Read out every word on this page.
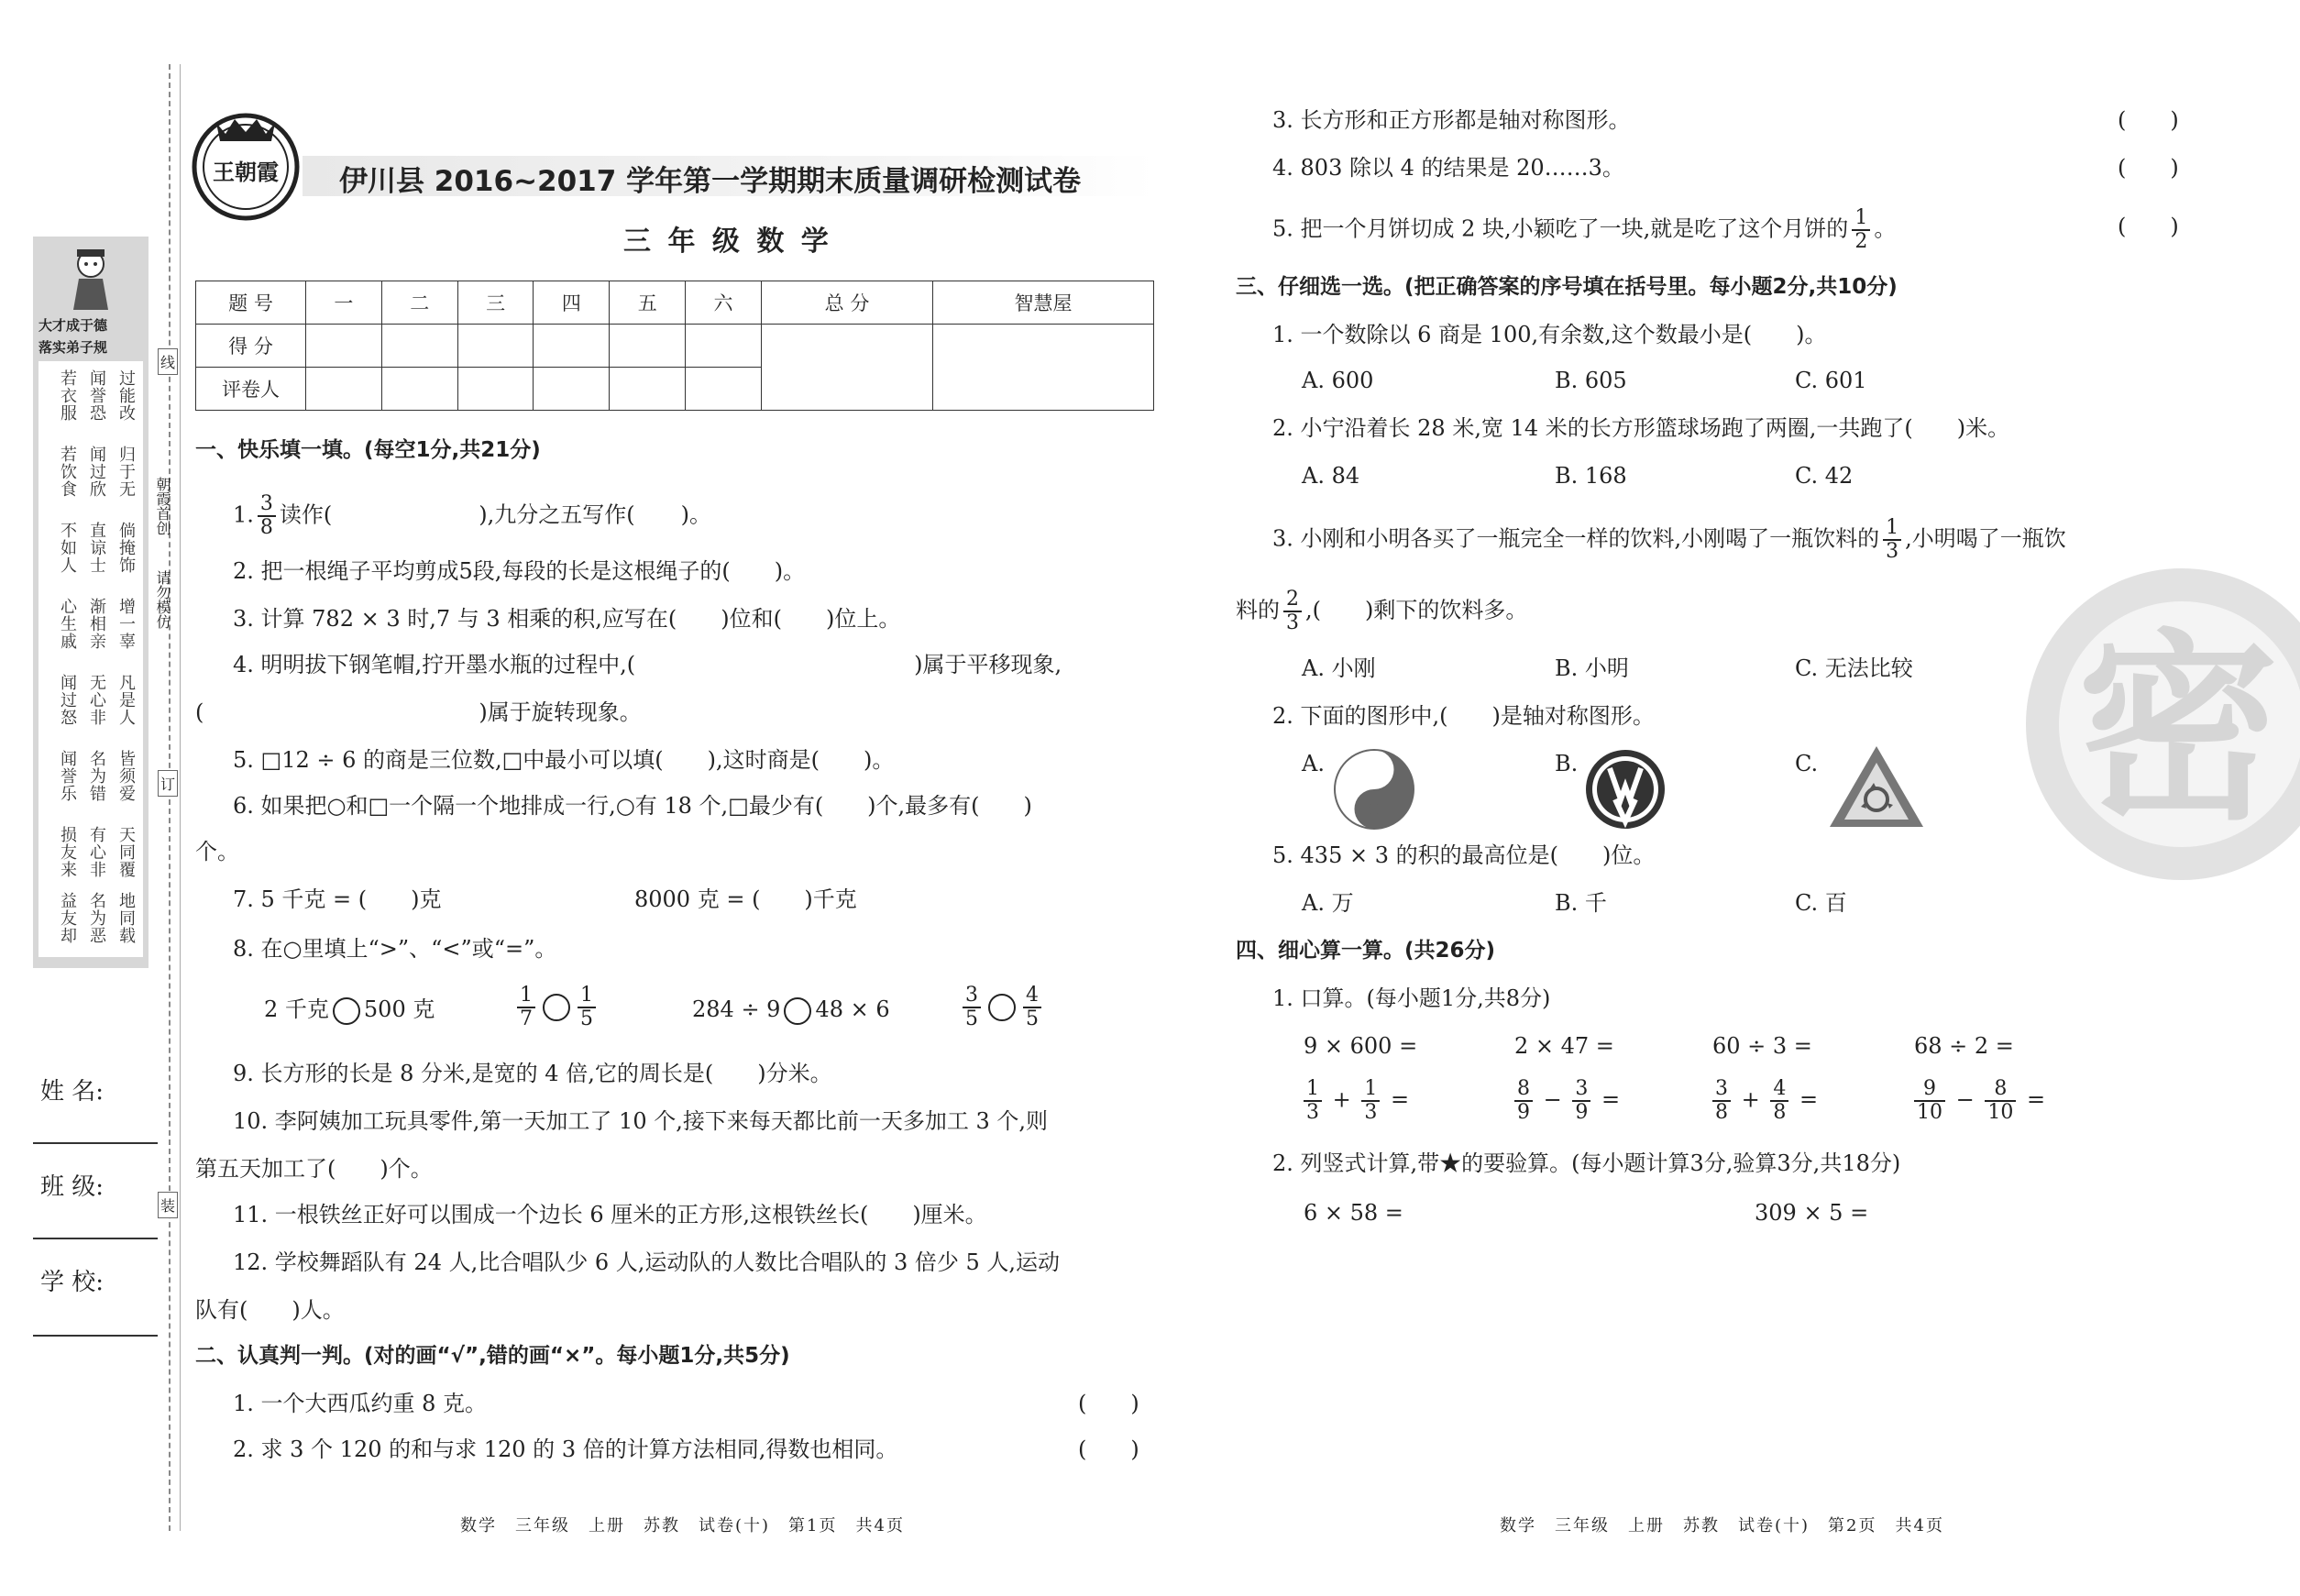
线
订
装
朝霞首创
请勿模仿
大才成于德
落实弟子规
过能改
闻誉恐
若衣服
归于无
闻过欣
若饮食
倘掩饰
直谅士
不如人
增一辜
渐相亲
心生戚
凡是人
无心非
闻过怒
皆须爱
名为错
闻誉乐
天同覆
有心非
损友来
地同载
名为恶
益友却
姓 名:
班 级:
学 校:
王朝霞 伊川县 2016~2017 学年第一学期期末质量调研检测试卷
三 年 级 数 学
题 号	一	二	三	四	五	六	总 分	智慧屋
得 分								
评卷人								
一、快乐填一填。(每空1分,共21分)
1. $\frac{3}{8}$ 读作(	),九分之五写作( )。
2. 把一根绳子平均剪成5段,每段的长是这根绳子的(　　)。
3. 计算 782 × 3 时,7 与 3 相乘的积,应写在(　　)位和(　　)位上。
4. 明明拔下钢笔帽,拧开墨水瓶的过程中,(	)属于平移现象,
(	)属于旋转现象。
5. □12 ÷ 6 的商是三位数,□中最小可以填(　　),这时商是(　　)。
6. 如果把○和□一个隔一个地排成一行,○有 18 个,□最少有(　　)个,最多有(　　)
个。
7. 5 千克 = (　　)克	8000 克 = (　　)千克
8. 在○里填上“>”、“<”或“=”。
2 千克 500 克	$\frac{1}{7} \frac{1}{5}$	284 ÷ 9 48 × 6	$\frac{3}{5} \frac{4}{5}$
9. 长方形的长是 8 分米,是宽的 4 倍,它的周长是(　　)分米。
10. 李阿姨加工玩具零件,第一天加工了 10 个,接下来每天都比前一天多加工 3 个,则
第五天加工了(　　)个。
11. 一根铁丝正好可以围成一个边长 6 厘米的正方形,这根铁丝长(　　)厘米。
12. 学校舞蹈队有 24 人,比合唱队少 6 人,运动队的人数比合唱队的 3 倍少 5 人,运动
队有(　　)人。
二、认真判一判。(对的画“√”,错的画“×”。每小题1分,共5分)
1. 一个大西瓜约重 8 克。	(　　)
2. 求 3 个 120 的和与求 120 的 3 倍的计算方法相同,得数也相同。	(　　)
数学　三年级　上册　苏教　试卷(十)　第1页　共4页
3. 长方形和正方形都是轴对称图形。	(　　)
4. 803 除以 4 的结果是 20……3。	(　　)
5. 把一个月饼切成 2 块,小颖吃了一块,就是吃了这个月饼的 $\frac{1}{2}$ 。	(　　)
三、仔细选一选。(把正确答案的序号填在括号里。每小题2分,共10分)
1. 一个数除以 6 商是 100,有余数,这个数最小是(　　)。
A. 600	B. 605	C. 601
2. 小宁沿着长 28 米,宽 14 米的长方形篮球场跑了两圈,一共跑了(　　)米。
A. 84	B. 168	C. 42
3. 小刚和小明各买了一瓶完全一样的饮料,小刚喝了一瓶饮料的 $\frac{1}{3}$ ,小明喝了一瓶饮
料的 $\frac{2}{3}$ ,(　　)剩下的饮料多。
A. 小刚	B. 小明	C. 无法比较
2. 下面的图形中,(　　)是轴对称图形。
A.	B.	C.
5. 435 × 3 的积的最高位是(　　)位。
A. 万	B. 千	C. 百
四、细心算一算。(共26分)
1. 口算。(每小题1分,共8分)
9 × 600 =	2 × 47 =	60 ÷ 3 =	68 ÷ 2 =
$\frac{1}{3} + \frac{1}{3}$ =	$\frac{8}{9} - \frac{3}{9}$ =	$\frac{3}{8} + \frac{4}{8}$ =	$\frac{9}{10} - \frac{8}{10}$ =
2. 列竖式计算,带★的要验算。(每小题计算3分,验算3分,共18分)
6 × 58 =	309 × 5 =
密
数学　三年级　上册　苏教　试卷(十)　第2页　共4页
